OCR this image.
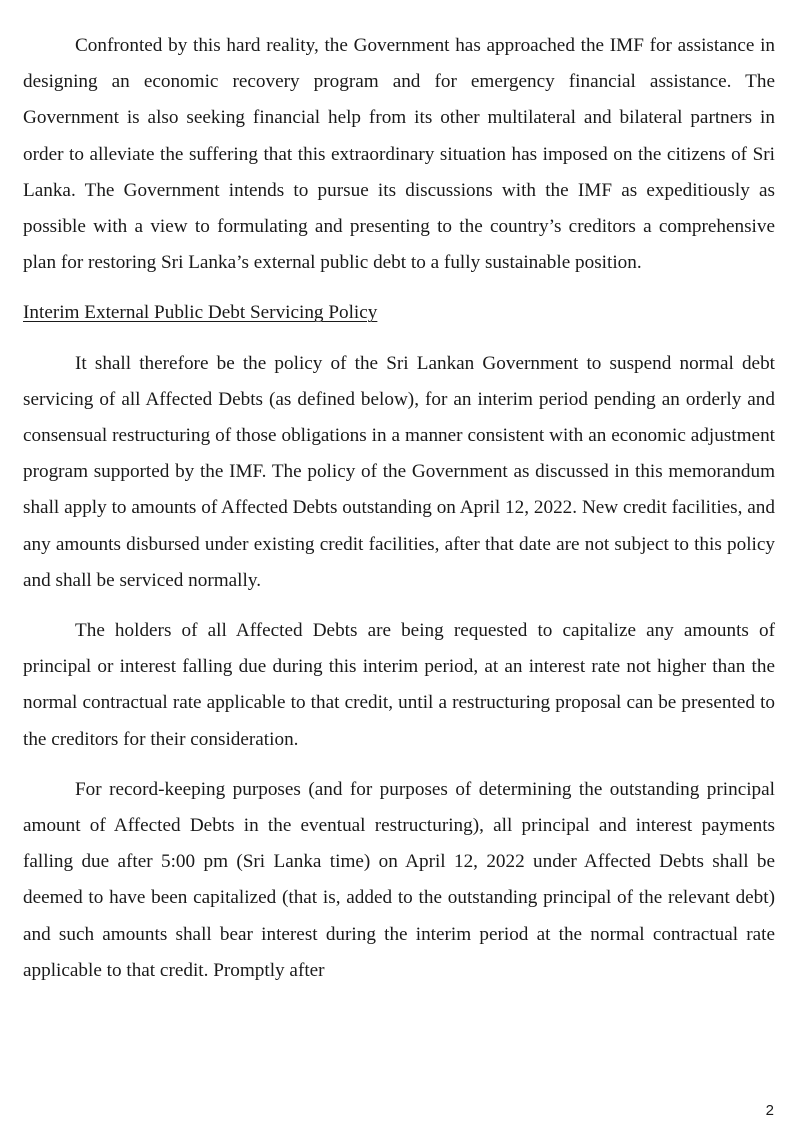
Confronted by this hard reality, the Government has approached the IMF for assistance in designing an economic recovery program and for emergency financial assistance. The Government is also seeking financial help from its other multilateral and bilateral partners in order to alleviate the suffering that this extraordinary situation has imposed on the citizens of Sri Lanka. The Government intends to pursue its discussions with the IMF as expeditiously as possible with a view to formulating and presenting to the country’s creditors a comprehensive plan for restoring Sri Lanka’s external public debt to a fully sustainable position.

Interim External Public Debt Servicing Policy

It shall therefore be the policy of the Sri Lankan Government to suspend normal debt servicing of all Affected Debts (as defined below), for an interim period pending an orderly and consensual restructuring of those obligations in a manner consistent with an economic adjustment program supported by the IMF. The policy of the Government as discussed in this memorandum shall apply to amounts of Affected Debts outstanding on April 12, 2022. New credit facilities, and any amounts disbursed under existing credit facilities, after that date are not subject to this policy and shall be serviced normally.

The holders of all Affected Debts are being requested to capitalize any amounts of principal or interest falling due during this interim period, at an interest rate not higher than the normal contractual rate applicable to that credit, until a restructuring proposal can be presented to the creditors for their consideration.

For record-keeping purposes (and for purposes of determining the outstanding principal amount of Affected Debts in the eventual restructuring), all principal and interest payments falling due after 5:00 pm (Sri Lanka time) on April 12, 2022 under Affected Debts shall be deemed to have been capitalized (that is, added to the outstanding principal of the relevant debt) and such amounts shall bear interest during the interim period at the normal contractual rate applicable to that credit. Promptly after

2
